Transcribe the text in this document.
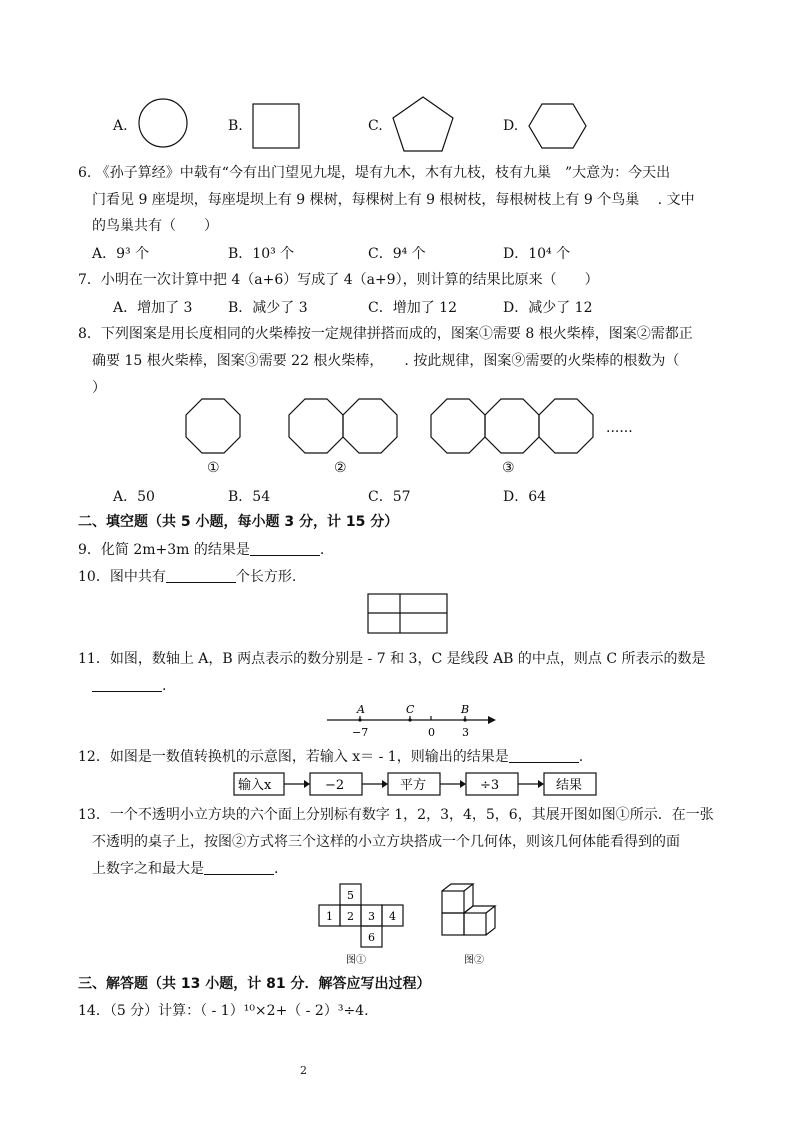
A.	B.	C.	D.
6. 《孙子算经》中载有“今有出门望见九堤，堤有九木，木有九枝，枝有九巢　”大意为：今天出
门看见 9 座堤坝，每座堤坝上有 9 棵树，每棵树上有 9 根树枝，每根树枝上有 9 个鸟巢　 . 文中
的鸟巢共有（　　）
A．9³ 个	B．10³ 个	C．9⁴ 个	D．10⁴ 个
7．小明在一次计算中把 4（a+6）写成了 4（a+9），则计算的结果比原来（　　）
A．增加了 3	B．减少了 3	C．增加了 12	D．减少了 12
8．下列图案是用长度相同的火柴棒按一定规律拼搭而成的，图案①需要 8 根火柴棒，图案②需都正
确要 15 根火柴棒，图案③需要 22 根火柴棒，　　. 按此规律，图案⑨需要的火柴棒的根数为（
）
......
①	②	③
A．50	B．54	C．57	D．64
二、填空题（共 5 小题，每小题 3 分，计 15 分）
9．化简 2m+3m 的结果是	.
10．图中共有	个长方形.
11．如图，数轴上 A，B 两点表示的数分别是 - 7 和 3，C 是线段 AB 的中点，则点 C 所表示的数是
.
A	C	B
−7	0 3
12．如图是一数值转换机的示意图，若输入 x＝ - 1，则输出的结果是	.
输入x	−2	平方	÷3	结果
13．一个不透明小立方块的六个面上分别标有数字 1，2，3，4，5，6，其展开图如图①所示．在一张
不透明的桌子上，按图②方式将三个这样的小立方块搭成一个几何体，则该几何体能看得到的面
上数字之和最大是	.
5
1 2 3 4
6
图①	图②
三、解答题（共 13 小题，计 81 分．解答应写出过程）
14．（5 分）计算：（ - 1）¹⁰×2+（ - 2）³÷4.
2
